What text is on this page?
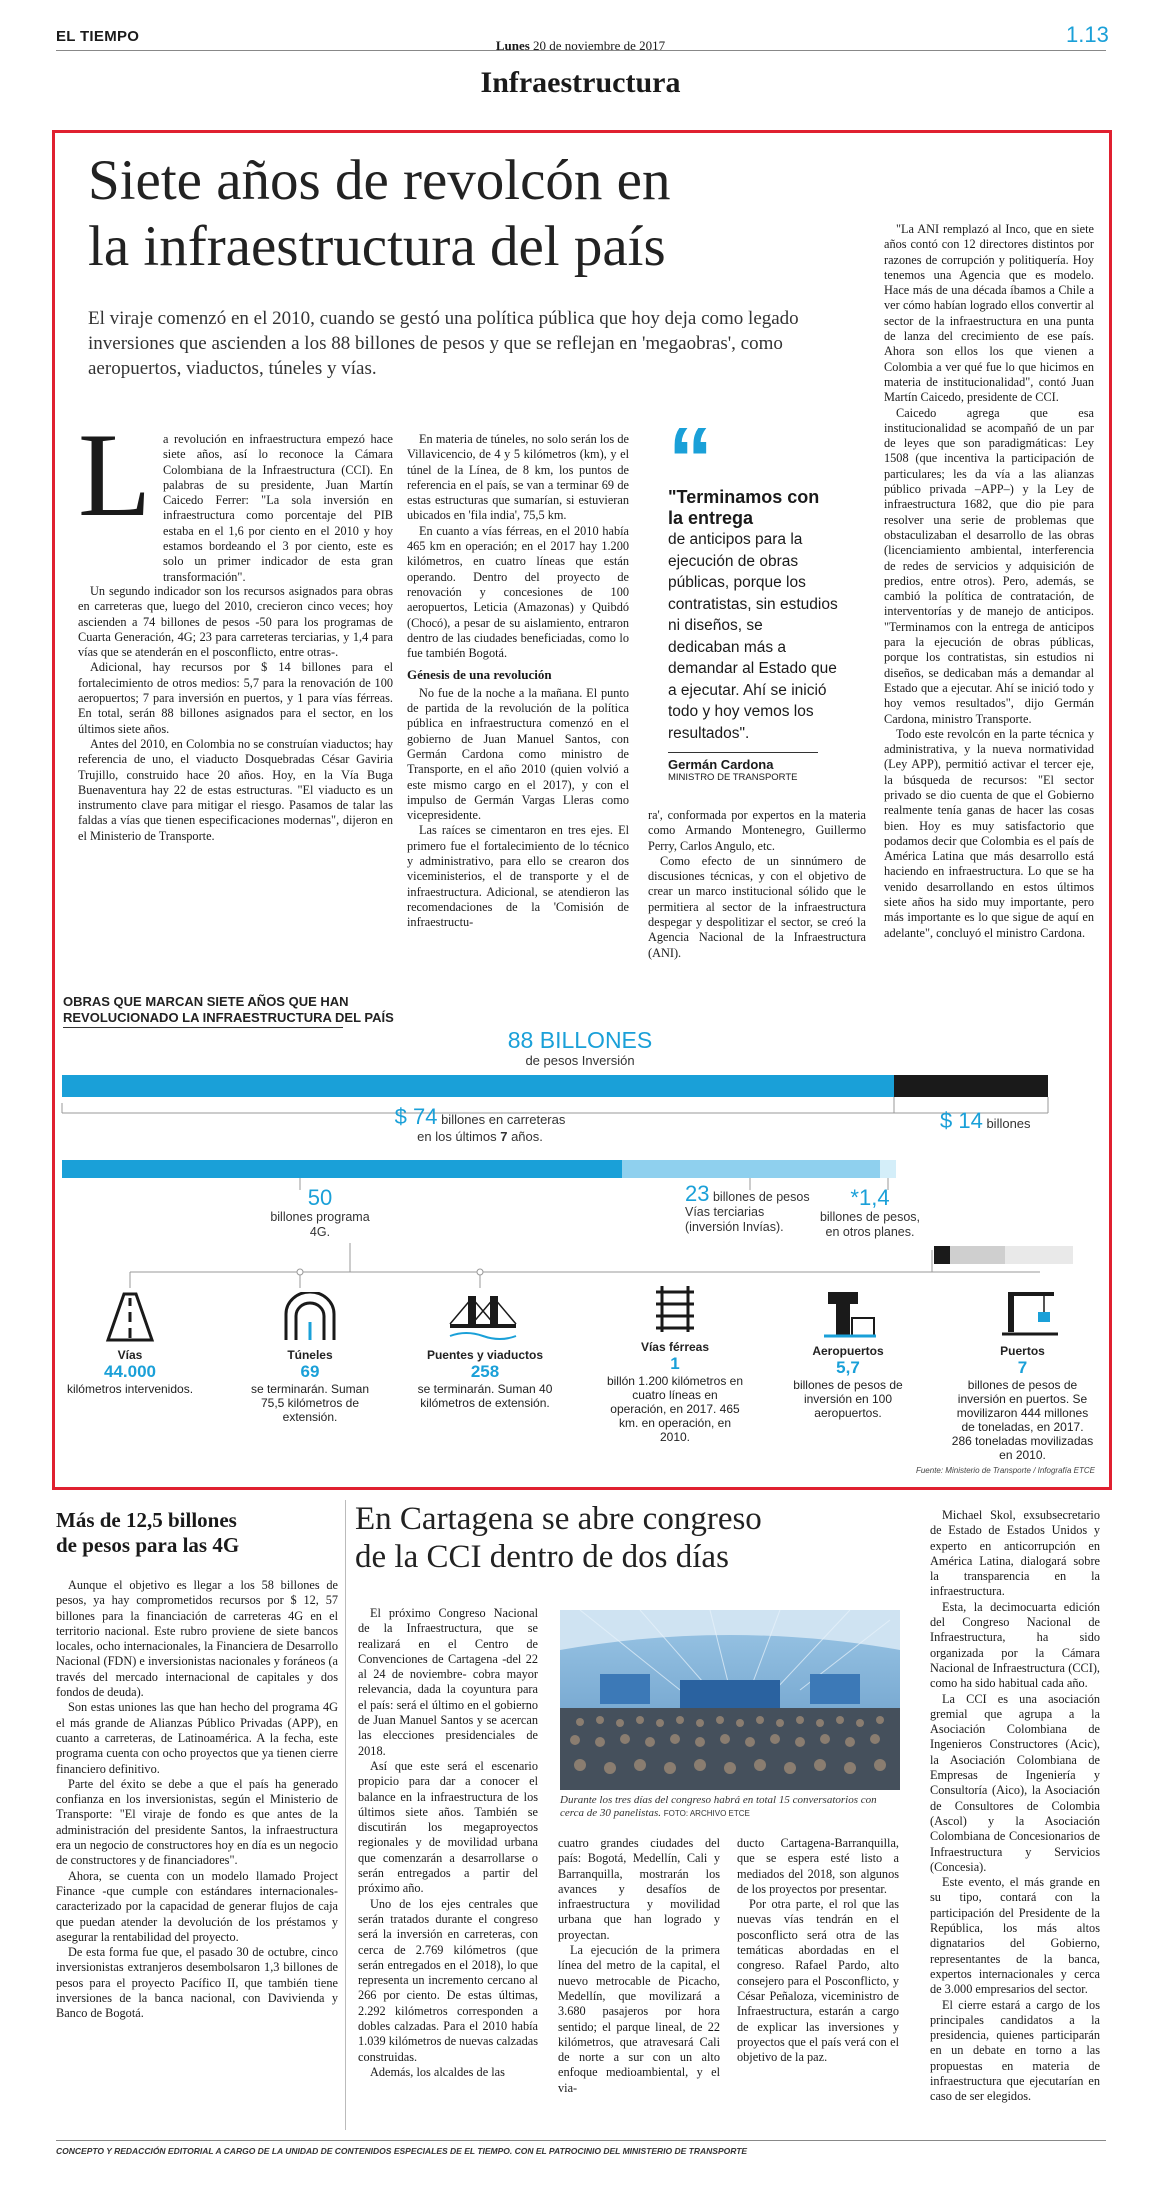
EL TIEMPO
Lunes 20 de noviembre de 2017	1.13
Infraestructura
Siete años de revolcón en
la infraestructura del país
El viraje comenzó en el 2010, cuando se gestó una política pública que hoy deja como legado inversiones que ascienden a los 88 billones de pesos y que se reflejan en 'megaobras', como aeropuertos, viaductos, túneles y vías.
L a revolución en infraestructura empezó hace siete años, así lo reconoce la Cámara Colombiana de la Infraestructura (CCI). En palabras de su presidente, Juan Martín Caicedo Ferrer: "La sola inversión en infraestructura como porcentaje del PIB estaba en el 1,6 por ciento en el 2010 y hoy estamos bordeando el 3 por ciento, este es solo un primer indicador de esta gran transformación".

Un segundo indicador son los recursos asignados para obras en carreteras que, luego del 2010, crecieron cinco veces; hoy ascienden a 74 billones de pesos -50 para los programas de Cuarta Generación, 4G; 23 para carreteras terciarias, y 1,4 para vías que se atenderán en el posconflicto, entre otras-.

Adicional, hay recursos por $ 14 billones para el fortalecimiento de otros medios: 5,7 para la renovación de 100 aeropuertos; 7 para inversión en puertos, y 1 para vías férreas. En total, serán 88 billones asignados para el sector, en los últimos siete años.

Antes del 2010, en Colombia no se construían viaductos; hay referencia de uno, el viaducto Dosquebradas César Gaviria Trujillo, construido hace 20 años. Hoy, en la Vía Buga Buenaventura hay 22 de estas estructuras. "El viaducto es un instrumento clave para mitigar el riesgo. Pasamos de talar las faldas a vías que tienen especificaciones modernas", dijeron en el Ministerio de Transporte.

En materia de túneles, no solo serán los de Villavicencio, de 4 y 5 kilómetros (km), y el túnel de la Línea, de 8 km, los puntos de referencia en el país, se van a terminar 69 de estas estructuras que sumarían, si estuvieran ubicados en 'fila india', 75,5 km.

En cuanto a vías férreas, en el 2010 había 465 km en operación; en el 2017 hay 1.200 kilómetros, en cuatro líneas que están operando. Dentro del proyecto de renovación y concesiones de 100 aeropuertos, Leticia (Amazonas) y Quibdó (Chocó), a pesar de su aislamiento, entraron dentro de las ciudades beneficiadas, como lo fue también Bogotá.

Génesis de una revolución

No fue de la noche a la mañana. El punto de partida de la revolución de la política pública en infraestructura comenzó en el gobierno de Juan Manuel Santos, con Germán Cardona como ministro de Transporte, en el año 2010 (quien volvió a este mismo cargo en el 2017), y con el impulso de Germán Vargas Lleras como vicepresidente.

Las raíces se cimentaron en tres ejes. El primero fue el fortalecimiento de lo técnico y administrativo, para ello se crearon dos viceministerios, el de transporte y el de infraestructura. Adicional, se atendieron las recomendaciones de la 'Comisión de infraestructu-

“
"Terminamos con la entrega
de anticipos para la ejecución de obras públicas, porque los contratistas, sin estudios ni diseños, se dedicaban más a demandar al Estado que a ejecutar. Ahí se inició todo y hoy vemos los resultados".
Germán Cardona
MINISTRO DE TRANSPORTE

ra', conformada por expertos en la materia como Armando Montenegro, Guillermo Perry, Carlos Angulo, etc.

Como efecto de un sinnúmero de discusiones técnicas, y con el objetivo de crear un marco institucional sólido que le permitiera al sector de la infraestructura despegar y despolitizar el sector, se creó la Agencia Nacional de la Infraestructura (ANI).

"La ANI remplazó al Inco, que en siete años contó con 12 directores distintos por razones de corrupción y politiquería. Hoy tenemos una Agencia que es modelo. Hace más de una década íbamos a Chile a ver cómo habían logrado ellos convertir al sector de la infraestructura en una punta de lanza del crecimiento de ese país. Ahora son ellos los que vienen a Colombia a ver qué fue lo que hicimos en materia de institucionalidad", contó Juan Martín Caicedo, presidente de CCI.

Caicedo agrega que esa institucionalidad se acompañó de un par de leyes que son paradigmáticas: Ley 1508 (que incentiva la participación de particulares; les da vía a las alianzas público privada –APP–) y la Ley de infraestructura 1682, que dio pie para resolver una serie de problemas que obstaculizaban el desarrollo de las obras (licenciamiento ambiental, interferencia de redes de servicios y adquisición de predios, entre otros). Pero, además, se cambió la política de contratación, de interventorías y de manejo de anticipos. "Terminamos con la entrega de anticipos para la ejecución de obras públicas, porque los contratistas, sin estudios ni diseños, se dedicaban más a demandar al Estado que a ejecutar. Ahí se inició todo y hoy vemos resultados", dijo Germán Cardona, ministro Transporte.

Todo este revolcón en la parte técnica y administrativa, y la nueva normatividad (Ley APP), permitió activar el tercer eje, la búsqueda de recursos: "El sector privado se dio cuenta de que el Gobierno realmente tenía ganas de hacer las cosas bien. Hoy es muy satisfactorio que podamos decir que Colombia es el país de América Latina que más desarrollo está haciendo en infraestructura. Lo que se ha venido desarrollando en estos últimos siete años ha sido muy importante, pero más importante es lo que sigue de aquí en adelante", concluyó el ministro Cardona.

OBRAS QUE MARCAN SIETE AÑOS QUE HAN
REVOLUCIONADO LA INFRAESTRUCTURA DEL PAÍS
88 BILLONES
de pesos Inversión
$ 74 billones en carreteras
en los últimos 7 años.
$ 14 billones
50
billones programa 4G.
23 billones de pesos Vías terciarias (inversión Invías).
*1,4
billones de pesos, en otros planes.
Vías
44.000
kilómetros intervenidos.
Túneles
69
se terminarán. Suman 75,5 kilómetros de extensión.
Puentes y viaductos
258
se terminarán. Suman 40 kilómetros de extensión.
Vías férreas
1
billón 1.200 kilómetros en cuatro líneas en operación, en 2017. 465 km. en operación, en 2010.
Aeropuertos
5,7
billones de pesos de inversión en 100 aeropuertos.
Puertos
7
billones de pesos de inversión en puertos. Se movilizaron 444 millones de toneladas, en 2017. 286 toneladas movilizadas en 2010.
Fuente: Ministerio de Transporte / Infografía ETCE
Más de 12,5 billones
de pesos para las 4G

Aunque el objetivo es llegar a los 58 billones de pesos, ya hay comprometidos recursos por $ 12, 57 billones para la financiación de carreteras 4G en el territorio nacional. Este rubro proviene de siete bancos locales, ocho internacionales, la Financiera de Desarrollo Nacional (FDN) e inversionistas nacionales y foráneos (a través del mercado internacional de capitales y dos fondos de deuda).

Son estas uniones las que han hecho del programa 4G el más grande de Alianzas Público Privadas (APP), en cuanto a carreteras, de Latinoamérica. A la fecha, este programa cuenta con ocho proyectos que ya tienen cierre financiero definitivo.

Parte del éxito se debe a que el país ha generado confianza en los inversionistas, según el Ministerio de Transporte: "El viraje de fondo es que antes de la administración del presidente Santos, la infraestructura era un negocio de constructores hoy en día es un negocio de constructores y de financiadores".

Ahora, se cuenta con un modelo llamado Project Finance -que cumple con estándares internacionales- caracterizado por la capacidad de generar flujos de caja que puedan atender la devolución de los préstamos y asegurar la rentabilidad del proyecto.

De esta forma fue que, el pasado 30 de octubre, cinco inversionistas extranjeros desembolsaron 1,3 billones de pesos para el proyecto Pacífico II, que también tiene inversiones de la banca nacional, con Davivienda y Banco de Bogotá.

En Cartagena se abre congreso
de la CCI dentro de dos días

El próximo Congreso Nacional de la Infraestructura, que se realizará en el Centro de Convenciones de Cartagena -del 22 al 24 de noviembre- cobra mayor relevancia, dada la coyuntura para el país: será el último en el gobierno de Juan Manuel Santos y se acercan las elecciones presidenciales de 2018.

Así que este será el escenario propicio para dar a conocer el balance en la infraestructura de los últimos siete años. También se discutirán los megaproyectos regionales y de movilidad urbana que comenzarán a desarrollarse o serán entregados a partir del próximo año.

Uno de los ejes centrales que serán tratados durante el congreso será la inversión en carreteras, con cerca de 2.769 kilómetros (que serán entregados en el 2018), lo que representa un incremento cercano al 266 por ciento. De estas últimas, 2.292 kilómetros corresponden a dobles calzadas. Para el 2010 había 1.039 kilómetros de nuevas calzadas construidas.

Además, los alcaldes de las

Durante los tres días del congreso habrá en total 15 conversatorios con cerca de 30 panelistas. FOTO: ARCHIVO ETCE

cuatro grandes ciudades del país: Bogotá, Medellín, Cali y Barranquilla, mostrarán los avances y desafíos de infraestructura y movilidad urbana que han logrado y proyectan.

La ejecución de la primera línea del metro de la capital, el nuevo metrocable de Picacho, Medellín, que movilizará a 3.680 pasajeros por hora sentido; el parque lineal, de 22 kilómetros, que atravesará Cali de norte a sur con un alto enfoque medioambiental, y el via-

ducto Cartagena-Barranquilla, que se espera esté listo a mediados del 2018, son algunos de los proyectos por presentar.

Por otra parte, el rol que las nuevas vías tendrán en el posconflicto será otra de las temáticas abordadas en el congreso. Rafael Pardo, alto consejero para el Posconflicto, y César Peñaloza, viceministro de Infraestructura, estarán a cargo de explicar las inversiones y proyectos que el país verá con el objetivo de la paz.

Michael Skol, exsubsecretario de Estado de Estados Unidos y experto en anticorrupción en América Latina, dialogará sobre la transparencia en la infraestructura.

Esta, la decimocuarta edición del Congreso Nacional de Infraestructura, ha sido organizada por la Cámara Nacional de Infraestructura (CCI), como ha sido habitual cada año.

La CCI es una asociación gremial que agrupa a la Asociación Colombiana de Ingenieros Constructores (Acic), la Asociación Colombiana de Empresas de Ingeniería y Consultoría (Aico), la Asociación de Consultores de Colombia (Ascol) y la Asociación Colombiana de Concesionarios de Infraestructura y Servicios (Concesia).

Este evento, el más grande en su tipo, contará con la participación del Presidente de la República, los más altos dignatarios del Gobierno, representantes de la banca, expertos internacionales y cerca de 3.000 empresarios del sector.

El cierre estará a cargo de los principales candidatos a la presidencia, quienes participarán en un debate en torno a las propuestas en materia de infraestructura que ejecutarían en caso de ser elegidos.

CONCEPTO Y REDACCIÓN EDITORIAL A CARGO DE LA UNIDAD DE CONTENIDOS ESPECIALES DE EL TIEMPO. CON EL PATROCINIO DEL MINISTERIO DE TRANSPORTE
